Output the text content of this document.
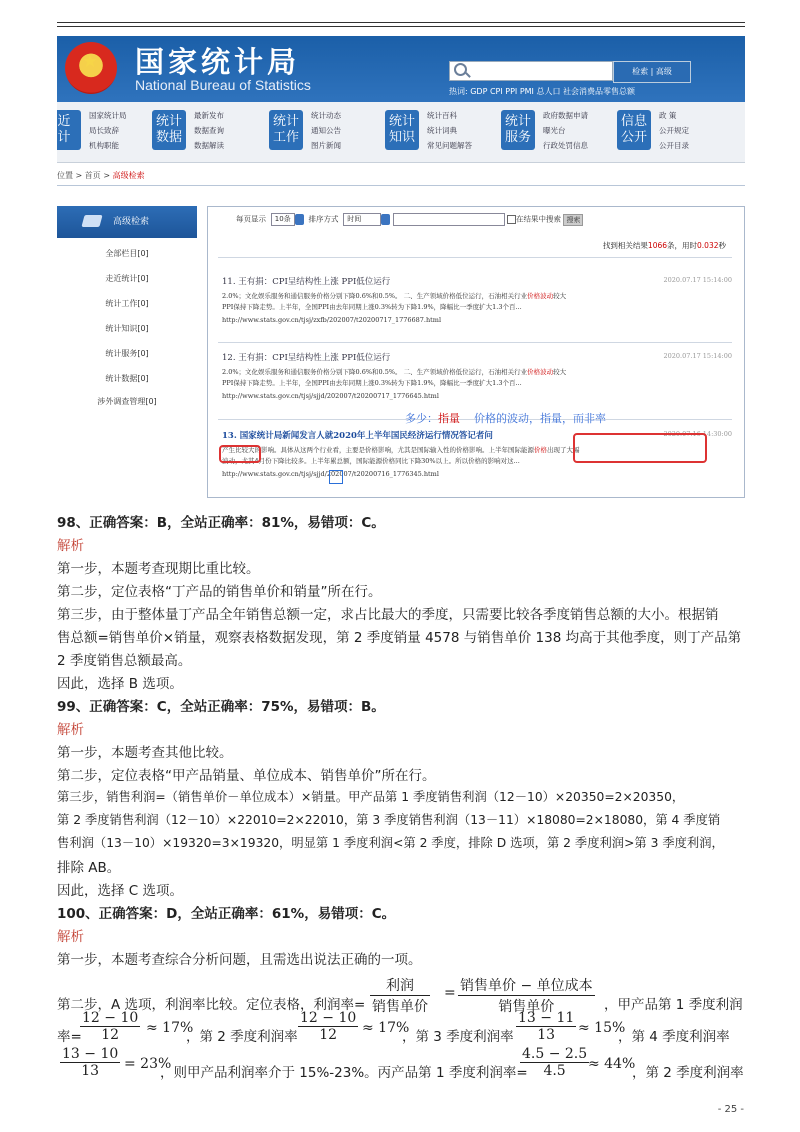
★ 国家统计局
National Bureau of Statistics
检索 | 高级
热词: GDP CPI PPI PMI 总人口 社会消费品零售总额
近
计
国家统计局
局长致辞
机构职能
统计
数据
最新发布
数据查询
数据解读
统计
工作
统计动态
通知公告
图片新闻
统计
知识
统计百科
统计词典
常见问题解答
统计
服务
政府数据申请
曝光台
行政处罚信息
信息
公开
政 策
公开规定
公开目录
位置 > 首页 > 高级检索
高级检索
全部栏目[0]
走近统计[0]
统计工作[0]
统计知识[0]
统计服务[0]
统计数据[0]
涉外调查管理[0]
每页显示 10条 排序方式 时间	在结果中搜索 搜索
找到相关结果1066条，用时0.032秒
11. 王有捐：CPI呈结构性上涨 PPI低位运行	2020.07.17 15:14:00
2.0%；文化娱乐服务和通信服务价格分别下降0.6%和0.5%。 二、生产领域价格低位运行，石油相关行业价格波动较大
PPI保持下降走势。上半年，全国PPI由去年同期上涨0.3%转为下降1.9%，降幅比一季度扩大1.3个百...
http://www.stats.gov.cn/tjsj/zxfb/202007/t20200717_1776687.html
12. 王有捐：CPI呈结构性上涨 PPI低位运行	2020.07.17 15:14:00
2.0%；文化娱乐服务和通信服务价格分别下降0.6%和0.5%。 二、生产领域价格低位运行，石油相关行业价格波动较大
PPI保持下降走势。上半年，全国PPI由去年同期上涨0.3%转为下降1.9%，降幅比一季度扩大1.3个百...
http://www.stats.gov.cn/tjsj/sjjd/202007/t20200717_1776645.html
13. 国家统计局新闻发言人就2020年上半年国民经济运行情况答记者问	2020.07.16 14:30:00
产生比较大的影响。具体从这两个行业看，主要是价格影响，尤其是国际输入性的价格影响。上半年国际能源价格出现了大幅
波动，尤其4月份下降比较多。上半年累总额，国际能源价格同比下降30%以上。所以价格的影响对这...
http://www.stats.gov.cn/tjsj/sjjd/202007/t20200716_1776345.html
多少：指量 价格的波动，指量，而非率
98、正确答案：B，全站正确率：81%，易错项：C。
解析
第一步，本题考查现期比重比较。
第二步，定位表格“丁产品的销售单价和销量”所在行。
第三步，由于整体量丁产品全年销售总额一定，求占比最大的季度，只需要比较各季度销售总额的大小。根据销
售总额=销售单价×销量，观察表格数据发现，第 2 季度销量 4578 与销售单价 138 均高于其他季度，则丁产品第
2 季度销售总额最高。
因此，选择 B 选项。
99、正确答案：C，全站正确率：75%，易错项：B。
解析
第一步，本题考查其他比较。
第二步，定位表格“甲产品销量、单位成本、销售单价”所在行。
第三步，销售利润=（销售单价－单位成本）×销量。甲产品第 1 季度销售利润（12－10）×20350=2×20350，
第 2 季度销售利润（12－10）×22010=2×22010，第 3 季度销售利润（13－11）×18080=2×18080，第 4 季度销
售利润（13－10）×19320=3×19320，明显第 1 季度利润<第 2 季度，排除 D 选项，第 2 季度利润>第 3 季度利润，
排除 AB。
因此，选择 C 选项。
100、正确答案：D，全站正确率：61%，易错项：C。
解析
第一步，本题考查综合分析问题，且需选出说法正确的一项。
第二步，A 选项，利润率比较。定位表格，利润率=
利润
销售单价
= 销售单价 − 单位成本
销售单价	，甲产品第 1 季度利润
率=
12 − 10
12	≈ 17%
，第 2 季度利润率
12 − 10
12	≈ 17%
，第 3 季度利润率
13 − 11
13	≈ 15%
，第 4 季度利润率
13 − 10
13	= 23%
，则甲产品利润率介于 15%-23%。丙产品第 1 季度利润率=
4.5 − 2.5
4.5	≈ 44%
，第 2 季度利润率
- 25 -
